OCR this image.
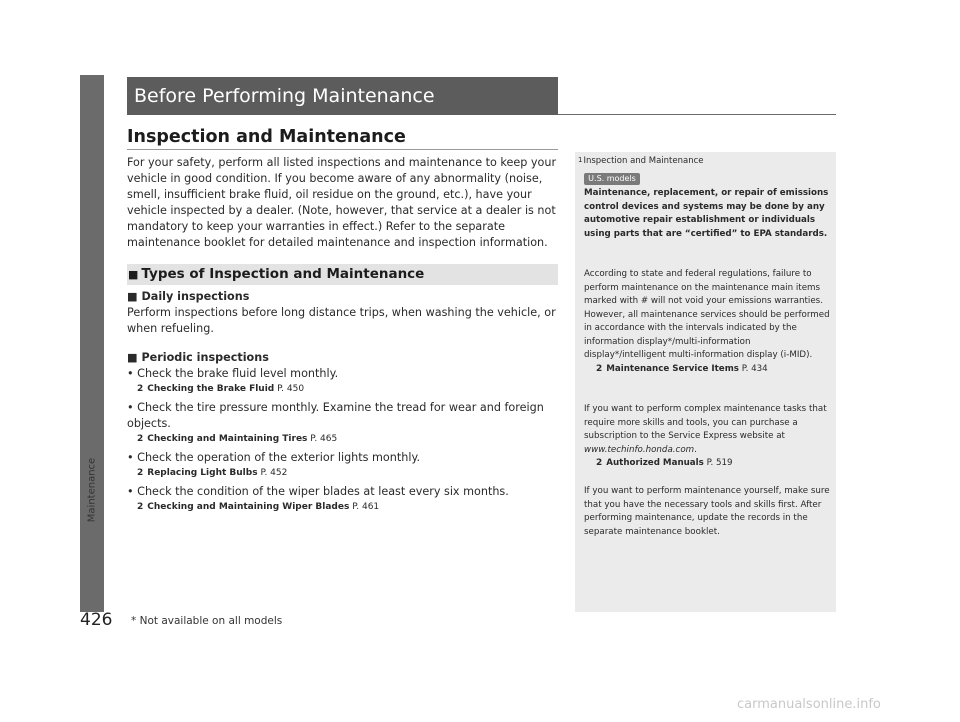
Maintenance
Before Performing Maintenance
Inspection and Maintenance
For your safety, perform all listed inspections and maintenance to keep your vehicle in good condition. If you become aware of any abnormality (noise, smell, insufficient brake fluid, oil residue on the ground, etc.), have your vehicle inspected by a dealer. (Note, however, that service at a dealer is not mandatory to keep your warranties in effect.) Refer to the separate maintenance booklet for detailed maintenance and inspection information.
■ Types of Inspection and Maintenance
■ Daily inspections
Perform inspections before long distance trips, when washing the vehicle, or when refueling.
■ Periodic inspections
• Check the brake fluid level monthly.
2 Checking the Brake Fluid P. 450
• Check the tire pressure monthly. Examine the tread for wear and foreign objects.
2 Checking and Maintaining Tires P. 465
• Check the operation of the exterior lights monthly.
2 Replacing Light Bulbs P. 452
• Check the condition of the wiper blades at least every six months.
2 Checking and Maintaining Wiper Blades P. 461
$^1$Inspection and Maintenance
U.S. models
Maintenance, replacement, or repair of emissions control devices and systems may be done by any automotive repair establishment or individuals using parts that are “certified” to EPA standards.
According to state and federal regulations, failure to perform maintenance on the maintenance main items marked with # will not void your emissions warranties. However, all maintenance services should be performed in accordance with the intervals indicated by the information display*/multi-information display*/intelligent multi-information display (i-MID).
2 Maintenance Service Items P. 434
If you want to perform complex maintenance tasks that require more skills and tools, you can purchase a subscription to the Service Express website at www.techinfo.honda.com.
2 Authorized Manuals P. 519
If you want to perform maintenance yourself, make sure that you have the necessary tools and skills first. After performing maintenance, update the records in the separate maintenance booklet.
426 * Not available on all models
carmanualsonline.info
